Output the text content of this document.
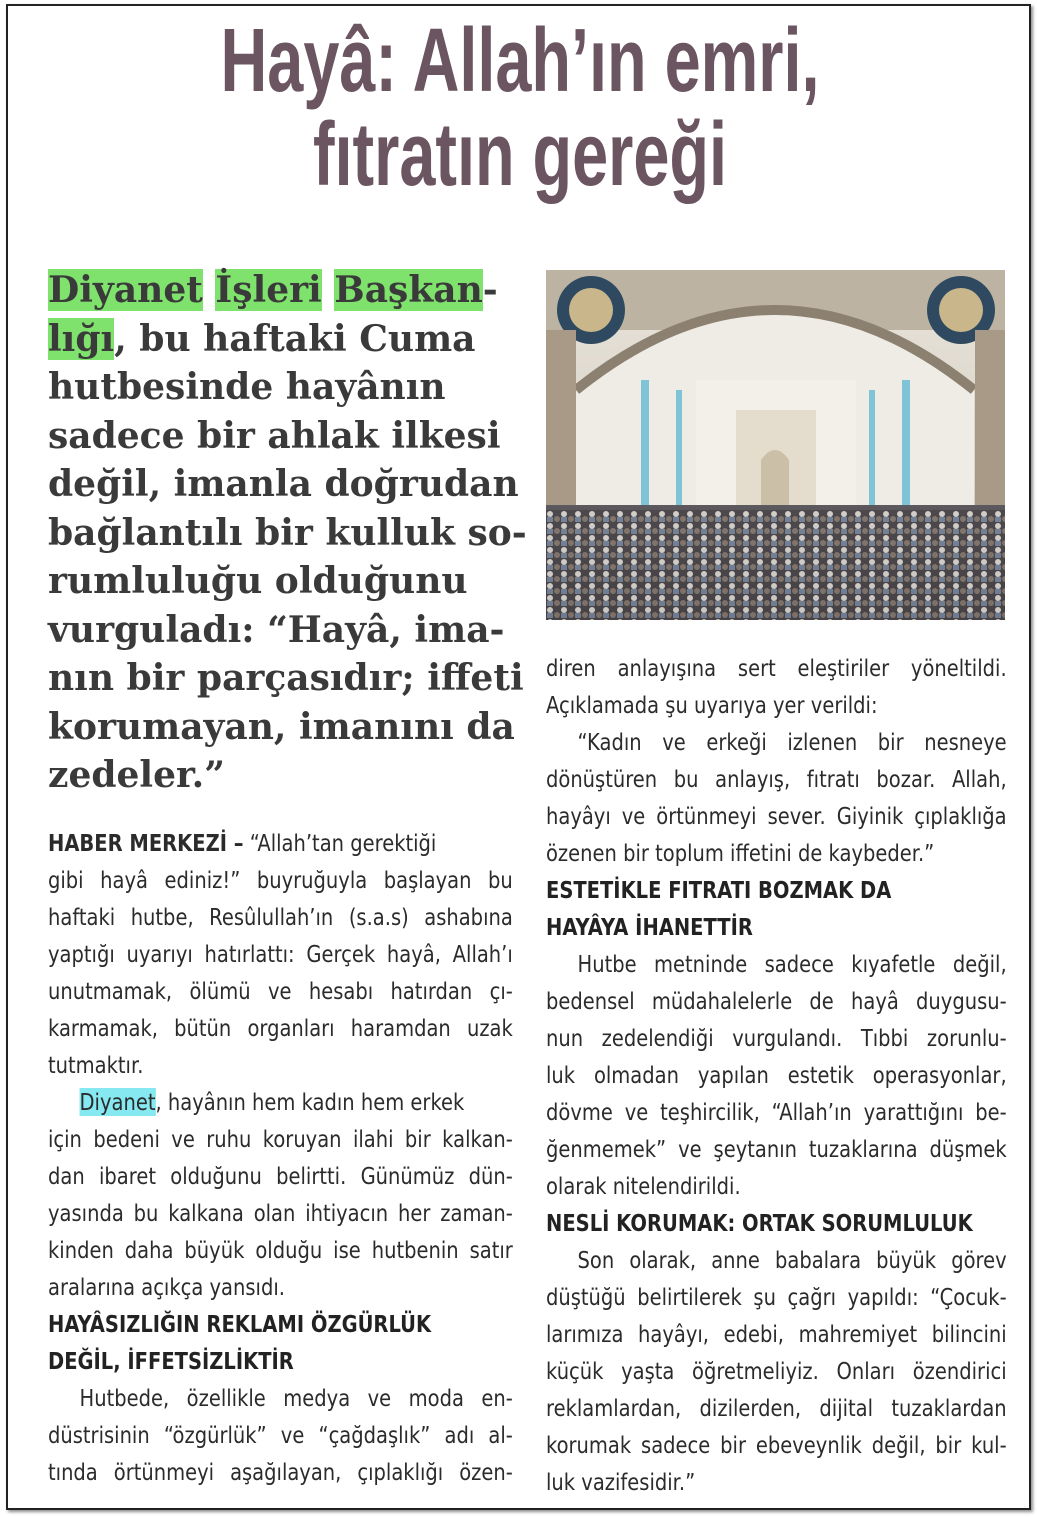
Hayâ: Allah’ın emri,
fıtratın gereği
Diyanet İşleri Başkan-
lığı, bu haftaki Cuma
hutbesinde hayânın
sadece bir ahlak ilkesi
değil, imanla doğrudan
bağlantılı bir kulluk so-
rumluluğu olduğunu
vurguladı: “Hayâ, ima-
nın bir parçasıdır; iffeti
korumayan, imanını da
zedeler.”
HABER MERKEZİ – “Allah’tan gerektiği
gibi hayâ ediniz!” buyruğuyla başlayan bu
haftaki hutbe, Resûlullah’ın (s.a.s) ashabına
yaptığı uyarıyı hatırlattı: Gerçek hayâ, Allah’ı
unutmamak, ölümü ve hesabı hatırdan çı-
karmamak, bütün organları haramdan uzak
tutmaktır.
Diyanet, hayânın hem kadın hem erkek
için bedeni ve ruhu koruyan ilahi bir kalkan-
dan ibaret olduğunu belirtti. Günümüz dün-
yasında bu kalkana olan ihtiyacın her zaman-
kinden daha büyük olduğu ise hutbenin satır
aralarına açıkça yansıdı.
HAYÂSIZLIĞIN REKLAMI ÖZGÜRLÜK
DEĞİL, İFFETSİZLİKTİR
Hutbede, özellikle medya ve moda en-
düstrisinin “özgürlük” ve “çağdaşlık” adı al-
tında örtünmeyi aşağılayan, çıplaklığı özen-
diren anlayışına sert eleştiriler yöneltildi.
Açıklamada şu uyarıya yer verildi:
“Kadın ve erkeği izlenen bir nesneye
dönüştüren bu anlayış, fıtratı bozar. Allah,
hayâyı ve örtünmeyi sever. Giyinik çıplaklığa
özenen bir toplum iffetini de kaybeder.”
ESTETİKLE FITRATI BOZMAK DA
HAYÂYA İHANETTİR
Hutbe metninde sadece kıyafetle değil,
bedensel müdahalelerle de hayâ duygusu-
nun zedelendiği vurgulandı. Tıbbi zorunlu-
luk olmadan yapılan estetik operasyonlar,
dövme ve teşhircilik, “Allah’ın yarattığını be-
ğenmemek” ve şeytanın tuzaklarına düşmek
olarak nitelendirildi.
NESLİ KORUMAK: ORTAK SORUMLULUK
Son olarak, anne babalara büyük görev
düştüğü belirtilerek şu çağrı yapıldı: “Çocuk-
larımıza hayâyı, edebi, mahremiyet bilincini
küçük yaşta öğretmeliyiz. Onları özendirici
reklamlardan, dizilerden, dijital tuzaklardan
korumak sadece bir ebeveynlik değil, bir kul-
luk vazifesidir.”
